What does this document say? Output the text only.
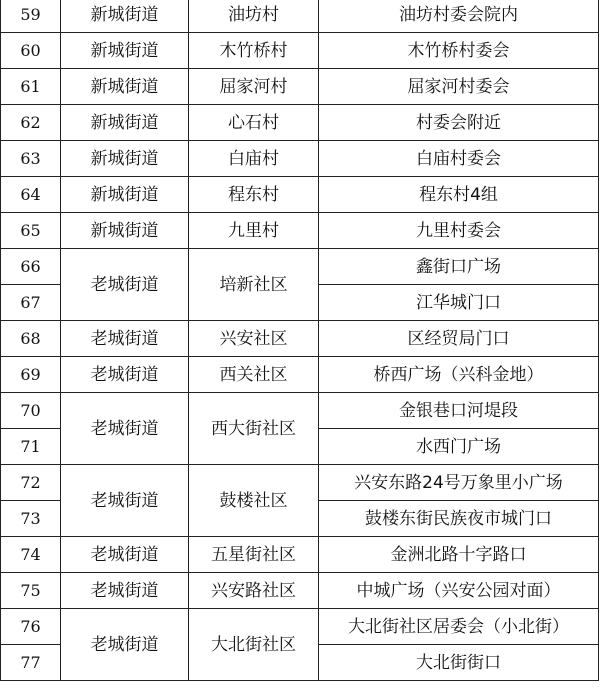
59	新城街道	油坊村	油坊村委会院内
60	新城街道	木竹桥村	木竹桥村委会
61	新城街道	屈家河村	屈家河村委会
62	新城街道	心石村	村委会附近
63	新城街道	白庙村	白庙村委会
64	新城街道	程东村	程东村4组
65	新城街道	九里村	九里村委会
66	老城街道	培新社区	鑫街口广场
67			江华城门口
68	老城街道	兴安社区	区经贸局门口
69	老城街道	西关社区	桥西广场（兴科金地）
70	老城街道	西大街社区	金银巷口河堤段
71			水西门广场
72	老城街道	鼓楼社区	兴安东路24号万象里小广场
73			鼓楼东街民族夜市城门口
74	老城街道	五星街社区	金洲北路十字路口
75	老城街道	兴安路社区	中城广场（兴安公园对面）
76	老城街道	大北街社区	大北街社区居委会（小北街）
77			大北街街口
